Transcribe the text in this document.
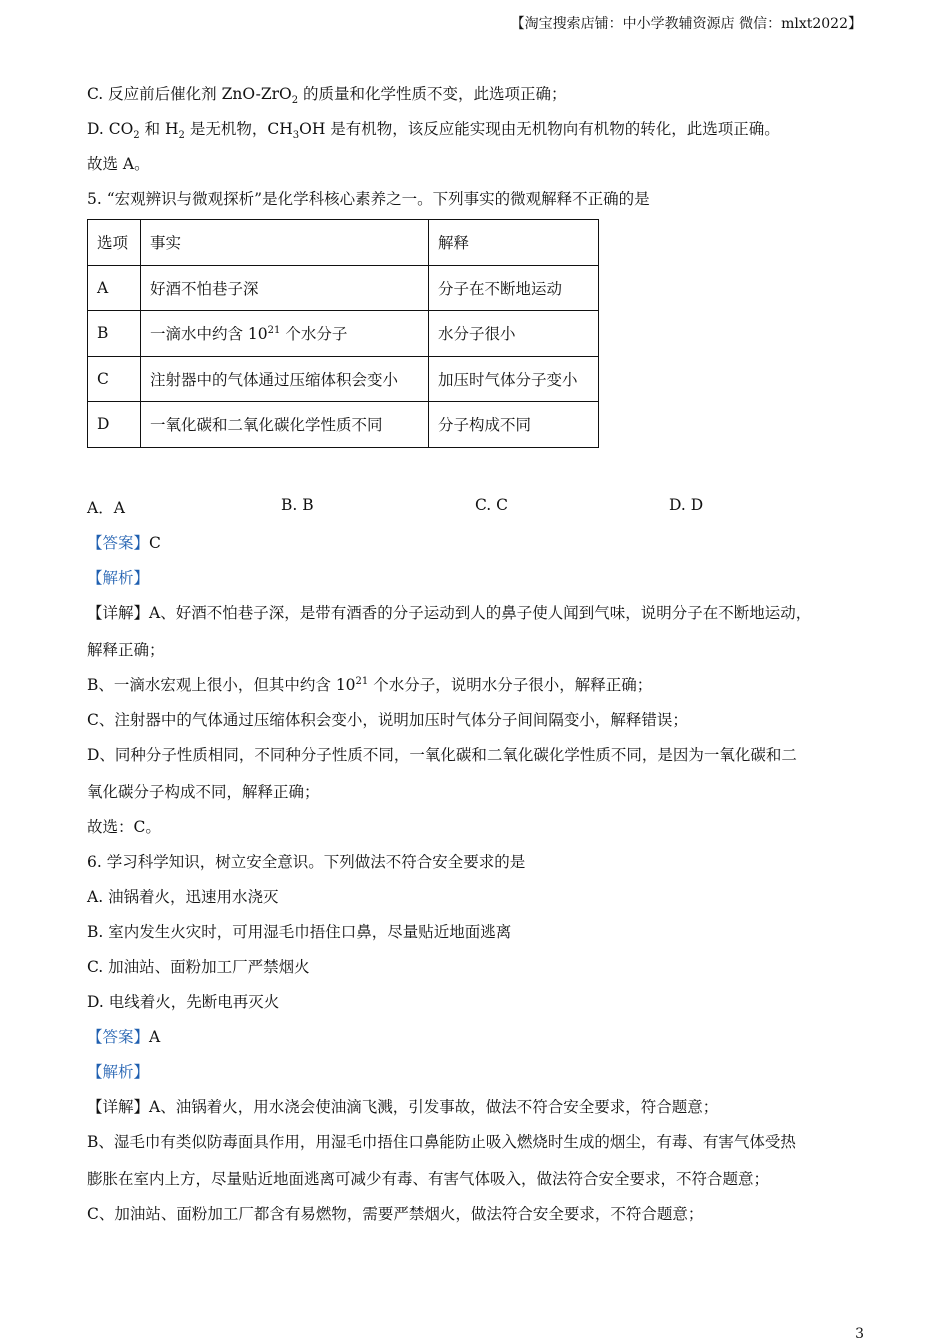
【淘宝搜索店铺：中小学教辅资源店 微信：mlxt2022】
C. 反应前后催化剂 ZnO-ZrO$_2$ 的质量和化学性质不变，此选项正确；
D. $CO_2$ 和 $H_2$ 是无机物，$CH_3OH$ 是有机物，该反应能实现由无机物向有机物的转化，此选项正确。
故选 A。
5. “宏观辨识与微观探析”是化学科核心素养之一。下列事实的微观解释不正确的是
选项	事实	解释
A	好酒不怕巷子深	分子在不断地运动
B	一滴水中约含 $10^{21}$ 个水分子	水分子很小
C	注射器中的气体通过压缩体积会变小	加压时气体分子变小
D	一氧化碳和二氧化碳化学性质不同	分子构成不同
A．A	B. B	C. C	D. D
【答案】C
【解析】
【详解】A、好酒不怕巷子深，是带有酒香的分子运动到人的鼻子使人闻到气味，说明分子在不断地运动，
解释正确；
B、一滴水宏观上很小，但其中约含 $10^{21}$ 个水分子，说明水分子很小，解释正确；
C、注射器中的气体通过压缩体积会变小，说明加压时气体分子间间隔变小，解释错误；
D、同种分子性质相同，不同种分子性质不同，一氧化碳和二氧化碳化学性质不同，是因为一氧化碳和二
氧化碳分子构成不同，解释正确；
故选：C。
6. 学习科学知识，树立安全意识。下列做法不符合安全要求的是
A. 油锅着火，迅速用水浇灭
B. 室内发生火灾时，可用湿毛巾捂住口鼻，尽量贴近地面逃离
C. 加油站、面粉加工厂严禁烟火
D. 电线着火，先断电再灭火
【答案】A
【解析】
【详解】A、油锅着火，用水浇会使油滴飞溅，引发事故，做法不符合安全要求，符合题意；
B、湿毛巾有类似防毒面具作用，用湿毛巾捂住口鼻能防止吸入燃烧时生成的烟尘，有毒、有害气体受热
膨胀在室内上方，尽量贴近地面逃离可减少有毒、有害气体吸入，做法符合安全要求，不符合题意；
C、加油站、面粉加工厂都含有易燃物，需要严禁烟火，做法符合安全要求，不符合题意；
3
